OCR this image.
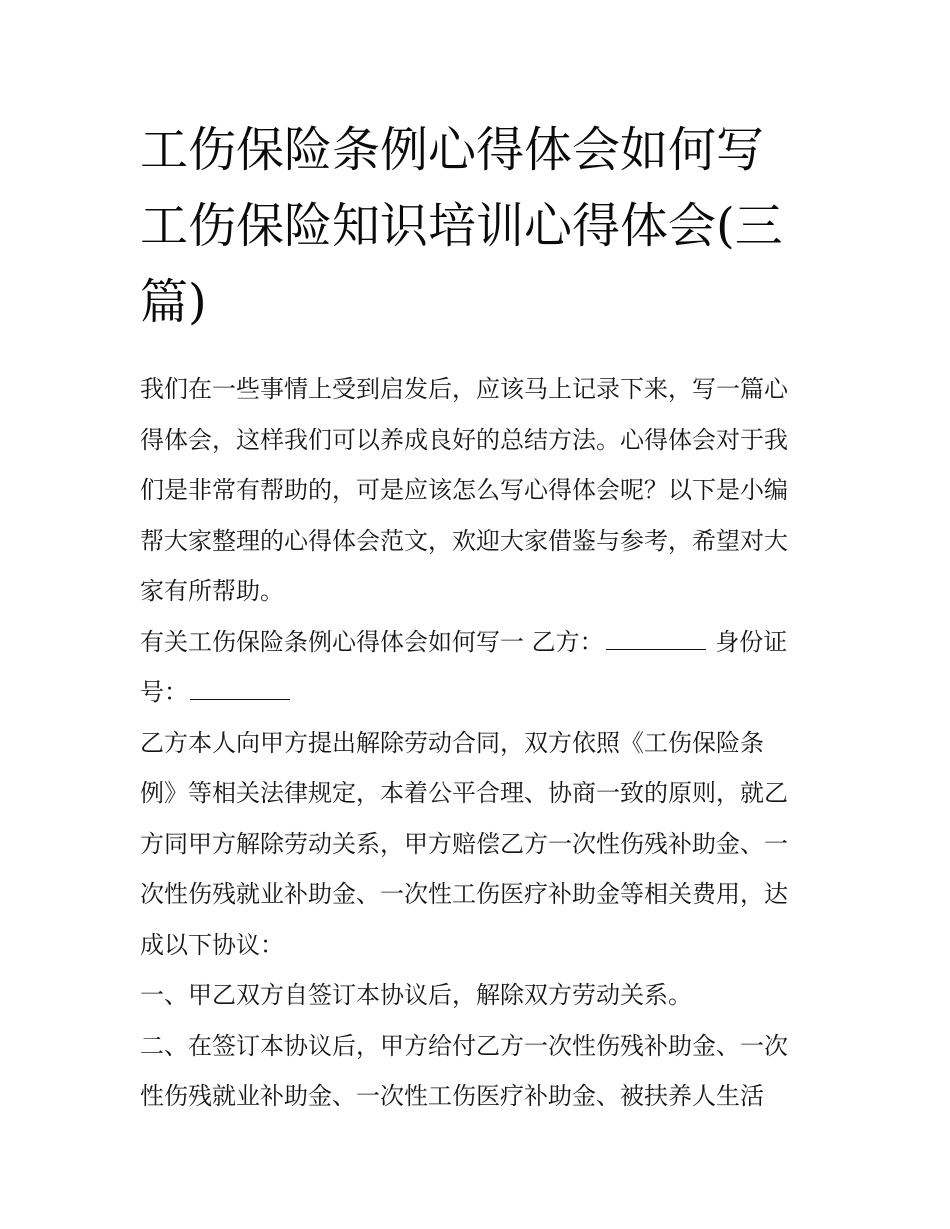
工伤保险条例心得体会如何写
工伤保险知识培训心得体会(三
篇)

我们在一些事情上受到启发后，应该马上记录下来，写一篇心
得体会，这样我们可以养成良好的总结方法。心得体会对于我
们是非常有帮助的，可是应该怎么写心得体会呢？以下是小编
帮大家整理的心得体会范文，欢迎大家借鉴与参考，希望对大
家有所帮助。

有关工伤保险条例心得体会如何写一 乙方：	身份证
号：

乙方本人向甲方提出解除劳动合同，双方依照《工伤保险条
例》等相关法律规定，本着公平合理、协商一致的原则，就乙
方同甲方解除劳动关系，甲方赔偿乙方一次性伤残补助金、一
次性伤残就业补助金、一次性工伤医疗补助金等相关费用，达
成以下协议：

一、甲乙双方自签订本协议后，解除双方劳动关系。

二、在签订本协议后，甲方给付乙方一次性伤残补助金、一次
性伤残就业补助金、一次性工伤医疗补助金、被扶养人生活
